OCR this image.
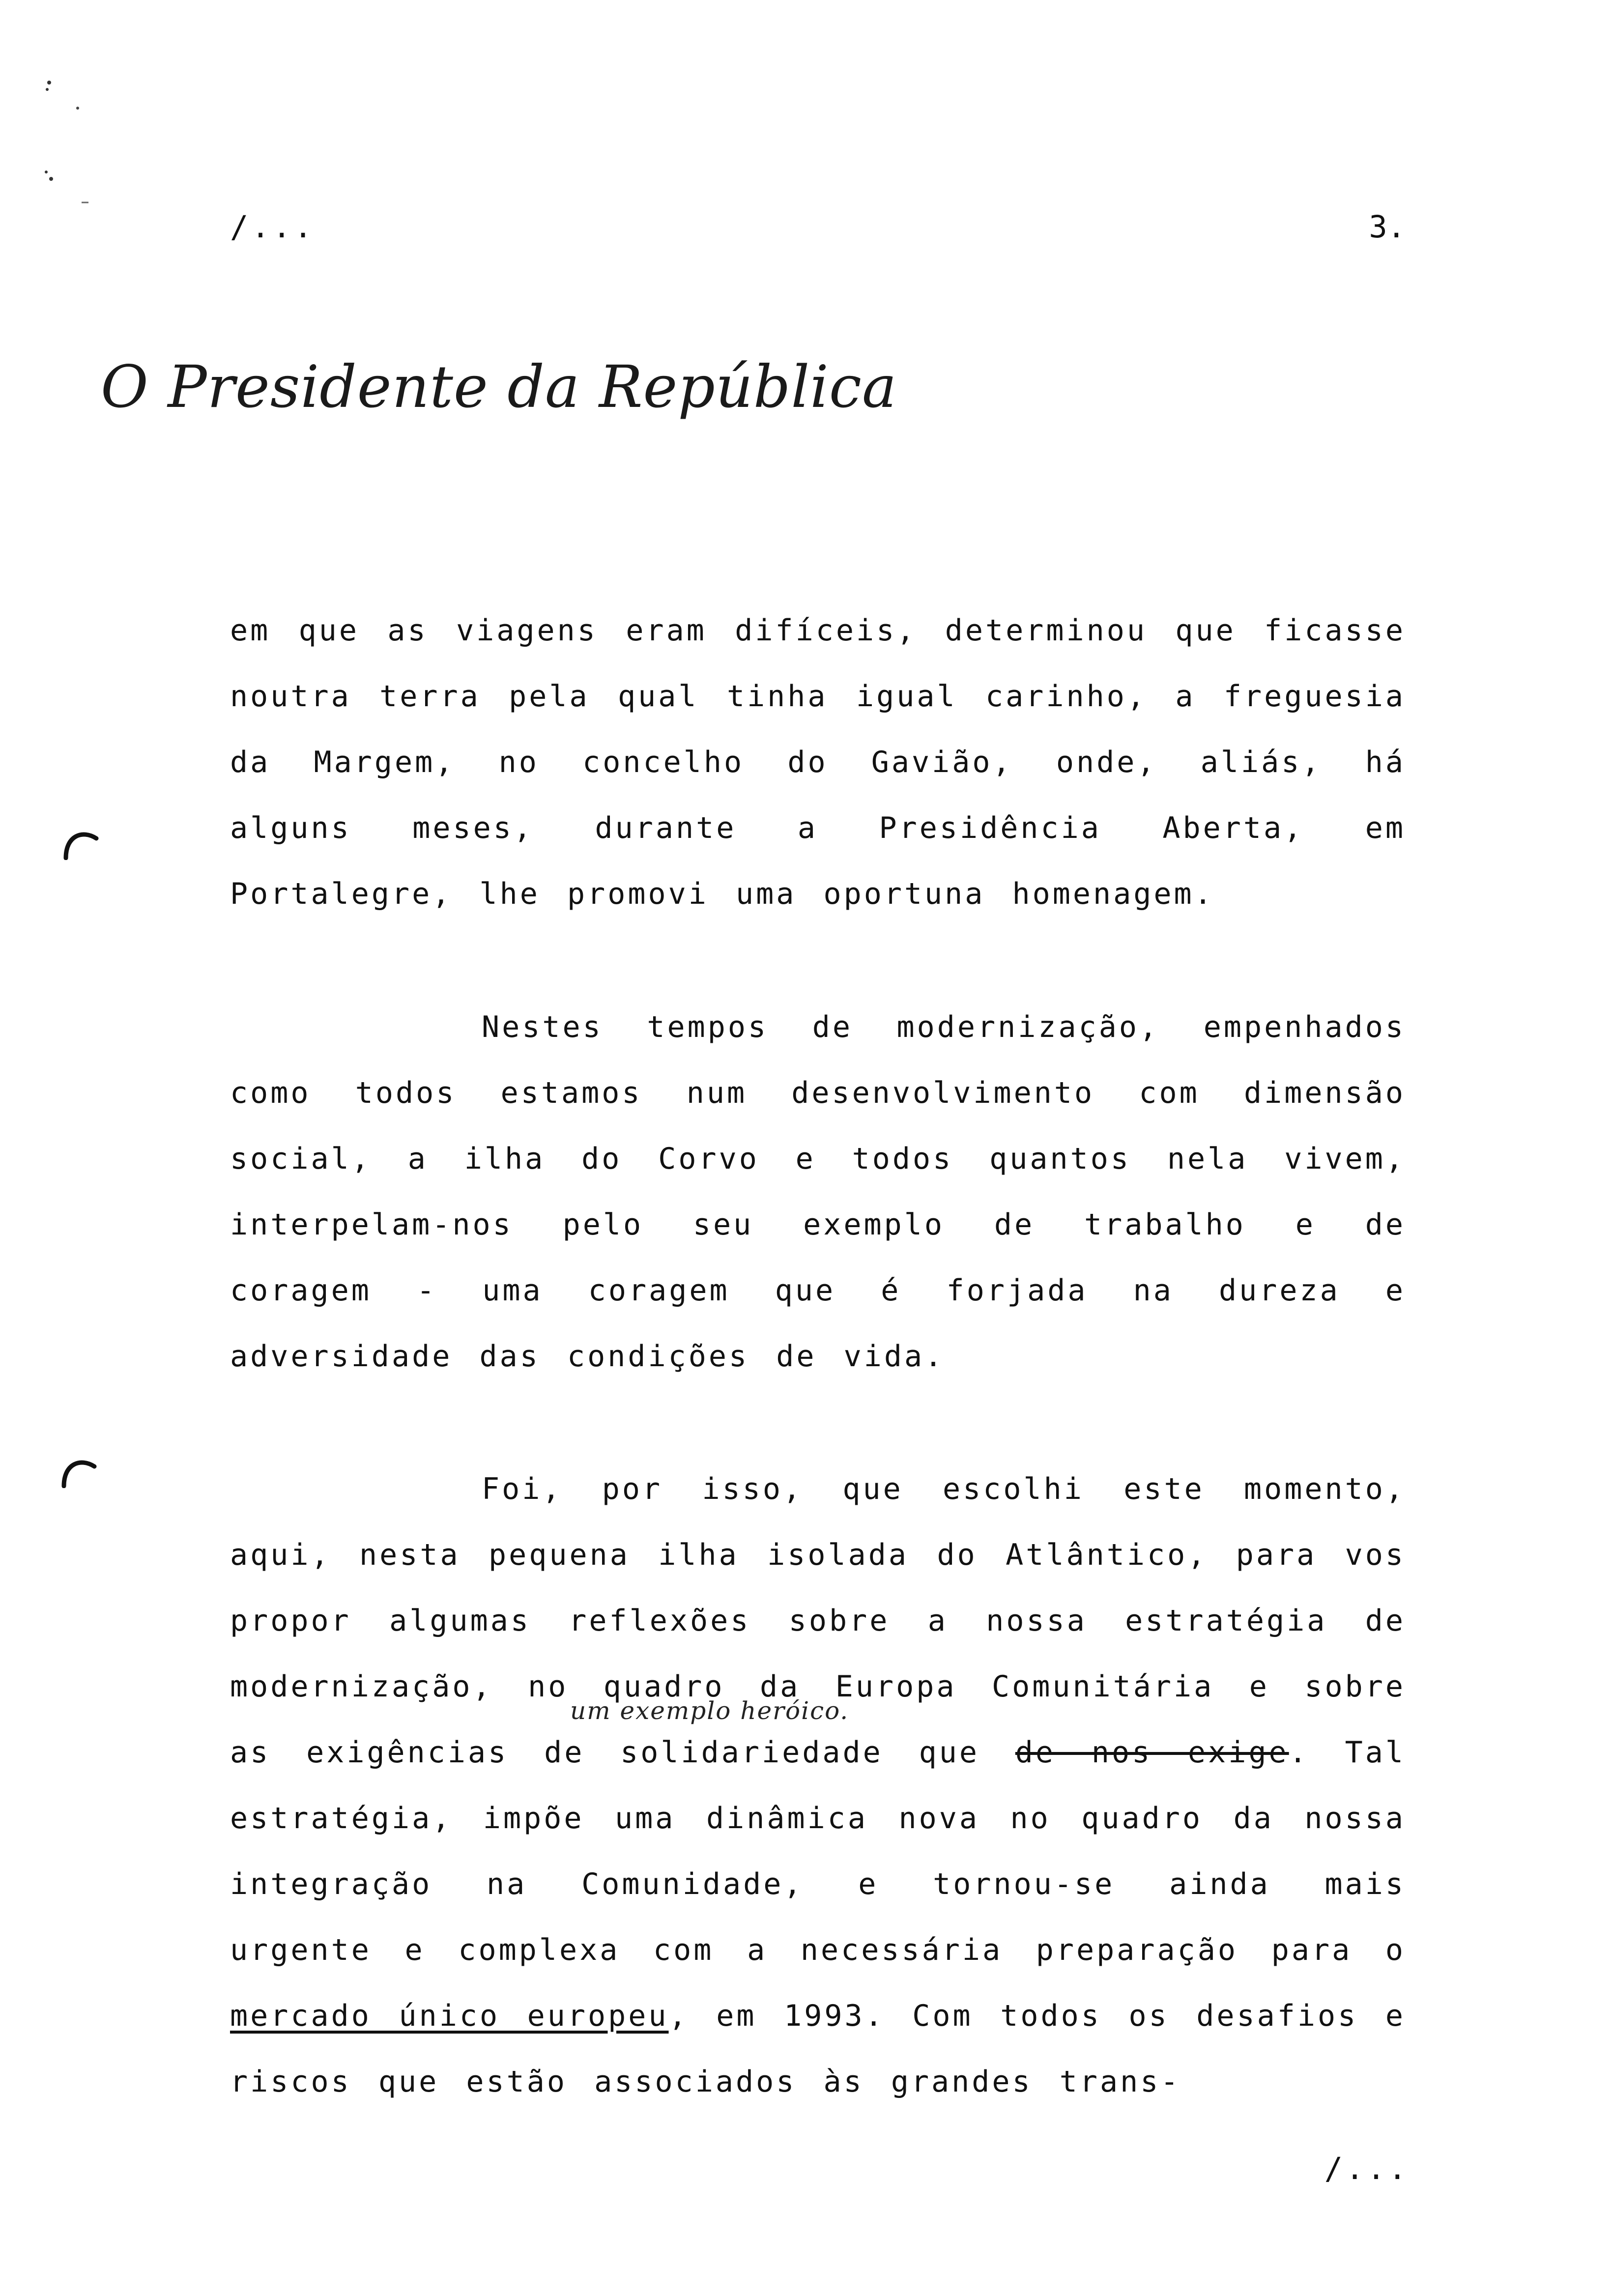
/...	3.
O Presidente da República

em que as viagens eram difíceis, determinou que ficasse noutra terra pela qual tinha igual carinho, a freguesia da Margem, no concelho do Gavião, onde, aliás, há alguns meses, durante a Presidência Aberta, em Portalegre, lhe promovi uma oportuna homenagem.

Nestes tempos de modernização, empenhados como todos estamos num desenvolvimento com dimensão social, a ilha do Corvo e todos quantos nela vivem, interpelam-nos pelo seu exemplo de trabalho e de coragem - uma coragem que é forjada na dureza e adversidade das condições de vida.

um exemplo heróico.

Foi, por isso, que escolhi este momento, aqui, nesta pequena ilha isolada do Atlântico, para vos propor algumas reflexões sobre a nossa estratégia de modernização, no quadro da Europa Comunitária e sobre as exigências de solidariedade que de nos exige. Tal estratégia, impõe uma dinâmica nova no quadro da nossa integração na Comunidade, e tornou-se ainda mais urgente e complexa com a necessária preparação para o mercado único europeu, em 1993. Com todos os desafios e riscos que estão associados às grandes trans-

/...
